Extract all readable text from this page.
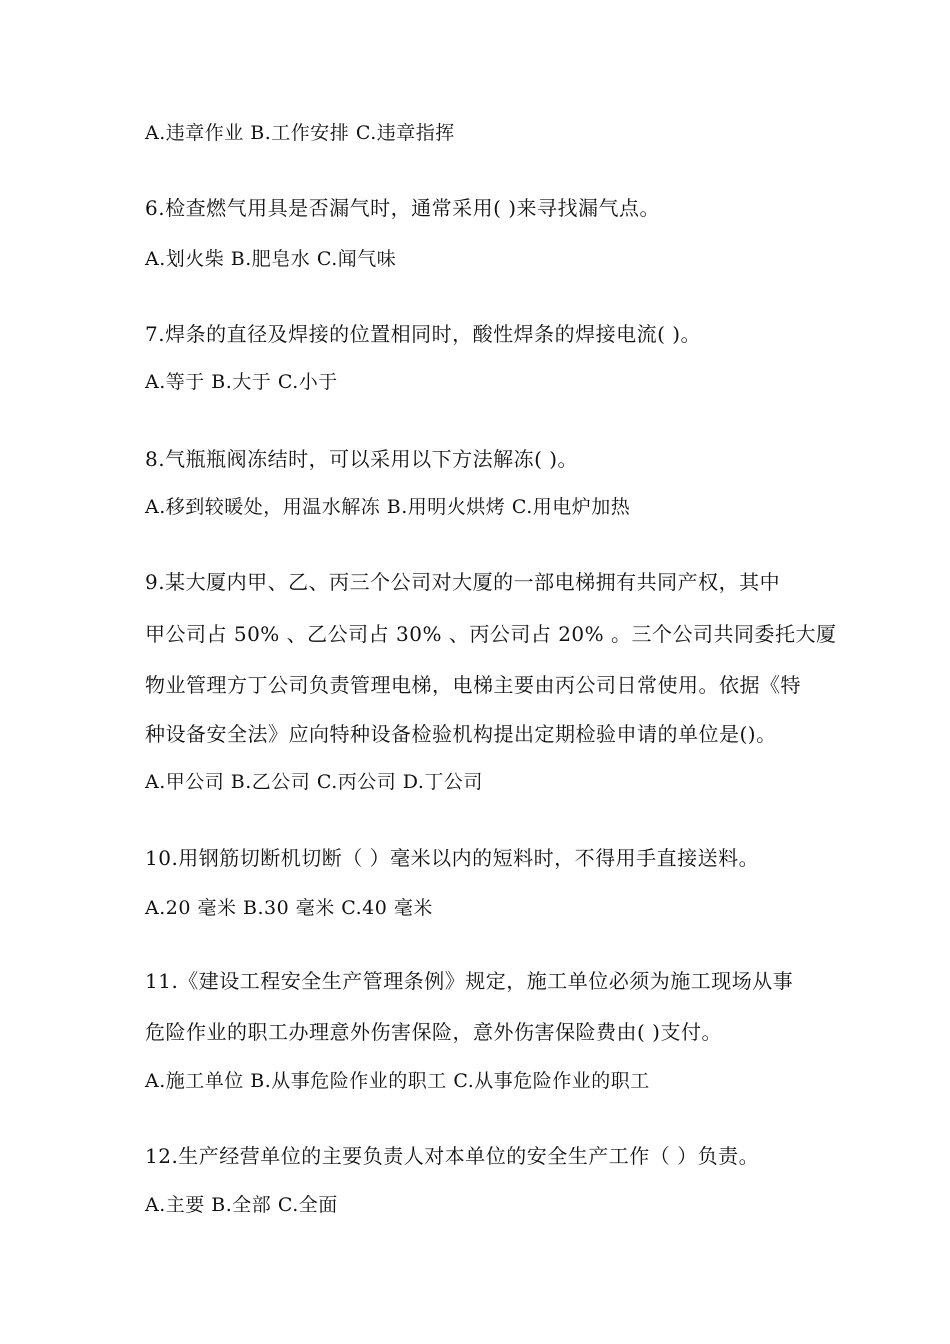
A.违章作业 B.工作安排 C.违章指挥
6.检查燃气用具是否漏气时，通常采用( )来寻找漏气点。
A.划火柴 B.肥皂水 C.闻气味
7.焊条的直径及焊接的位置相同时，酸性焊条的焊接电流( )。
A.等于 B.大于 C.小于
8.气瓶瓶阀冻结时，可以采用以下方法解冻( )。
A.移到较暖处，用温水解冻 B.用明火烘烤 C.用电炉加热
9.某大厦内甲、乙、丙三个公司对大厦的一部电梯拥有共同产权，其中
甲公司占 50% 、乙公司占 30% 、丙公司占 20% 。三个公司共同委托大厦
物业管理方丁公司负责管理电梯，电梯主要由丙公司日常使用。依据《特
种设备安全法》应向特种设备检验机构提出定期检验申请的单位是()。
A.甲公司 B.乙公司 C.丙公司 D.丁公司
10.用钢筋切断机切断（ ）毫米以内的短料时，不得用手直接送料。
A.20 毫米 B.30 毫米 C.40 毫米
11.《建设工程安全生产管理条例》规定，施工单位必须为施工现场从事
危险作业的职工办理意外伤害保险，意外伤害保险费由( )支付。
A.施工单位 B.从事危险作业的职工 C.从事危险作业的职工
12.生产经营单位的主要负责人对本单位的安全生产工作（ ）负责。
A.主要 B.全部 C.全面
